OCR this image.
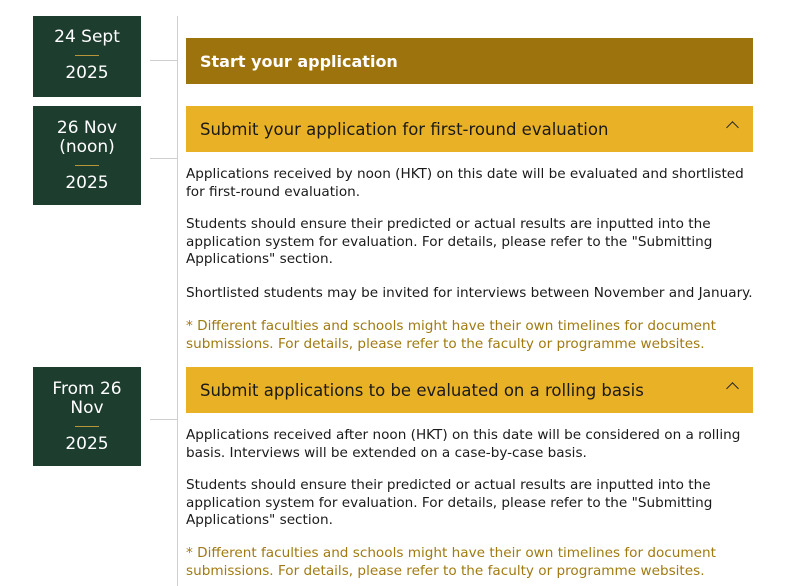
24 Sept
2025
Start your application
26 Nov (noon)
2025
Submit your application for first-round evaluation

Applications received by noon (HKT) on this date will be evaluated and shortlisted for first-round evaluation.

Students should ensure their predicted or actual results are inputted into the application system for evaluation. For details, please refer to the "Submitting Applications" section.

Shortlisted students may be invited for interviews between November and January.

* Different faculties and schools might have their own timelines for document submissions. For details, please refer to the faculty or programme websites.

From 26 Nov
2025
Submit applications to be evaluated on a rolling basis

Applications received after noon (HKT) on this date will be considered on a rolling basis. Interviews will be extended on a case-by-case basis.

Students should ensure their predicted or actual results are inputted into the application system for evaluation. For details, please refer to the "Submitting Applications" section.

* Different faculties and schools might have their own timelines for document submissions. For details, please refer to the faculty or programme websites.
